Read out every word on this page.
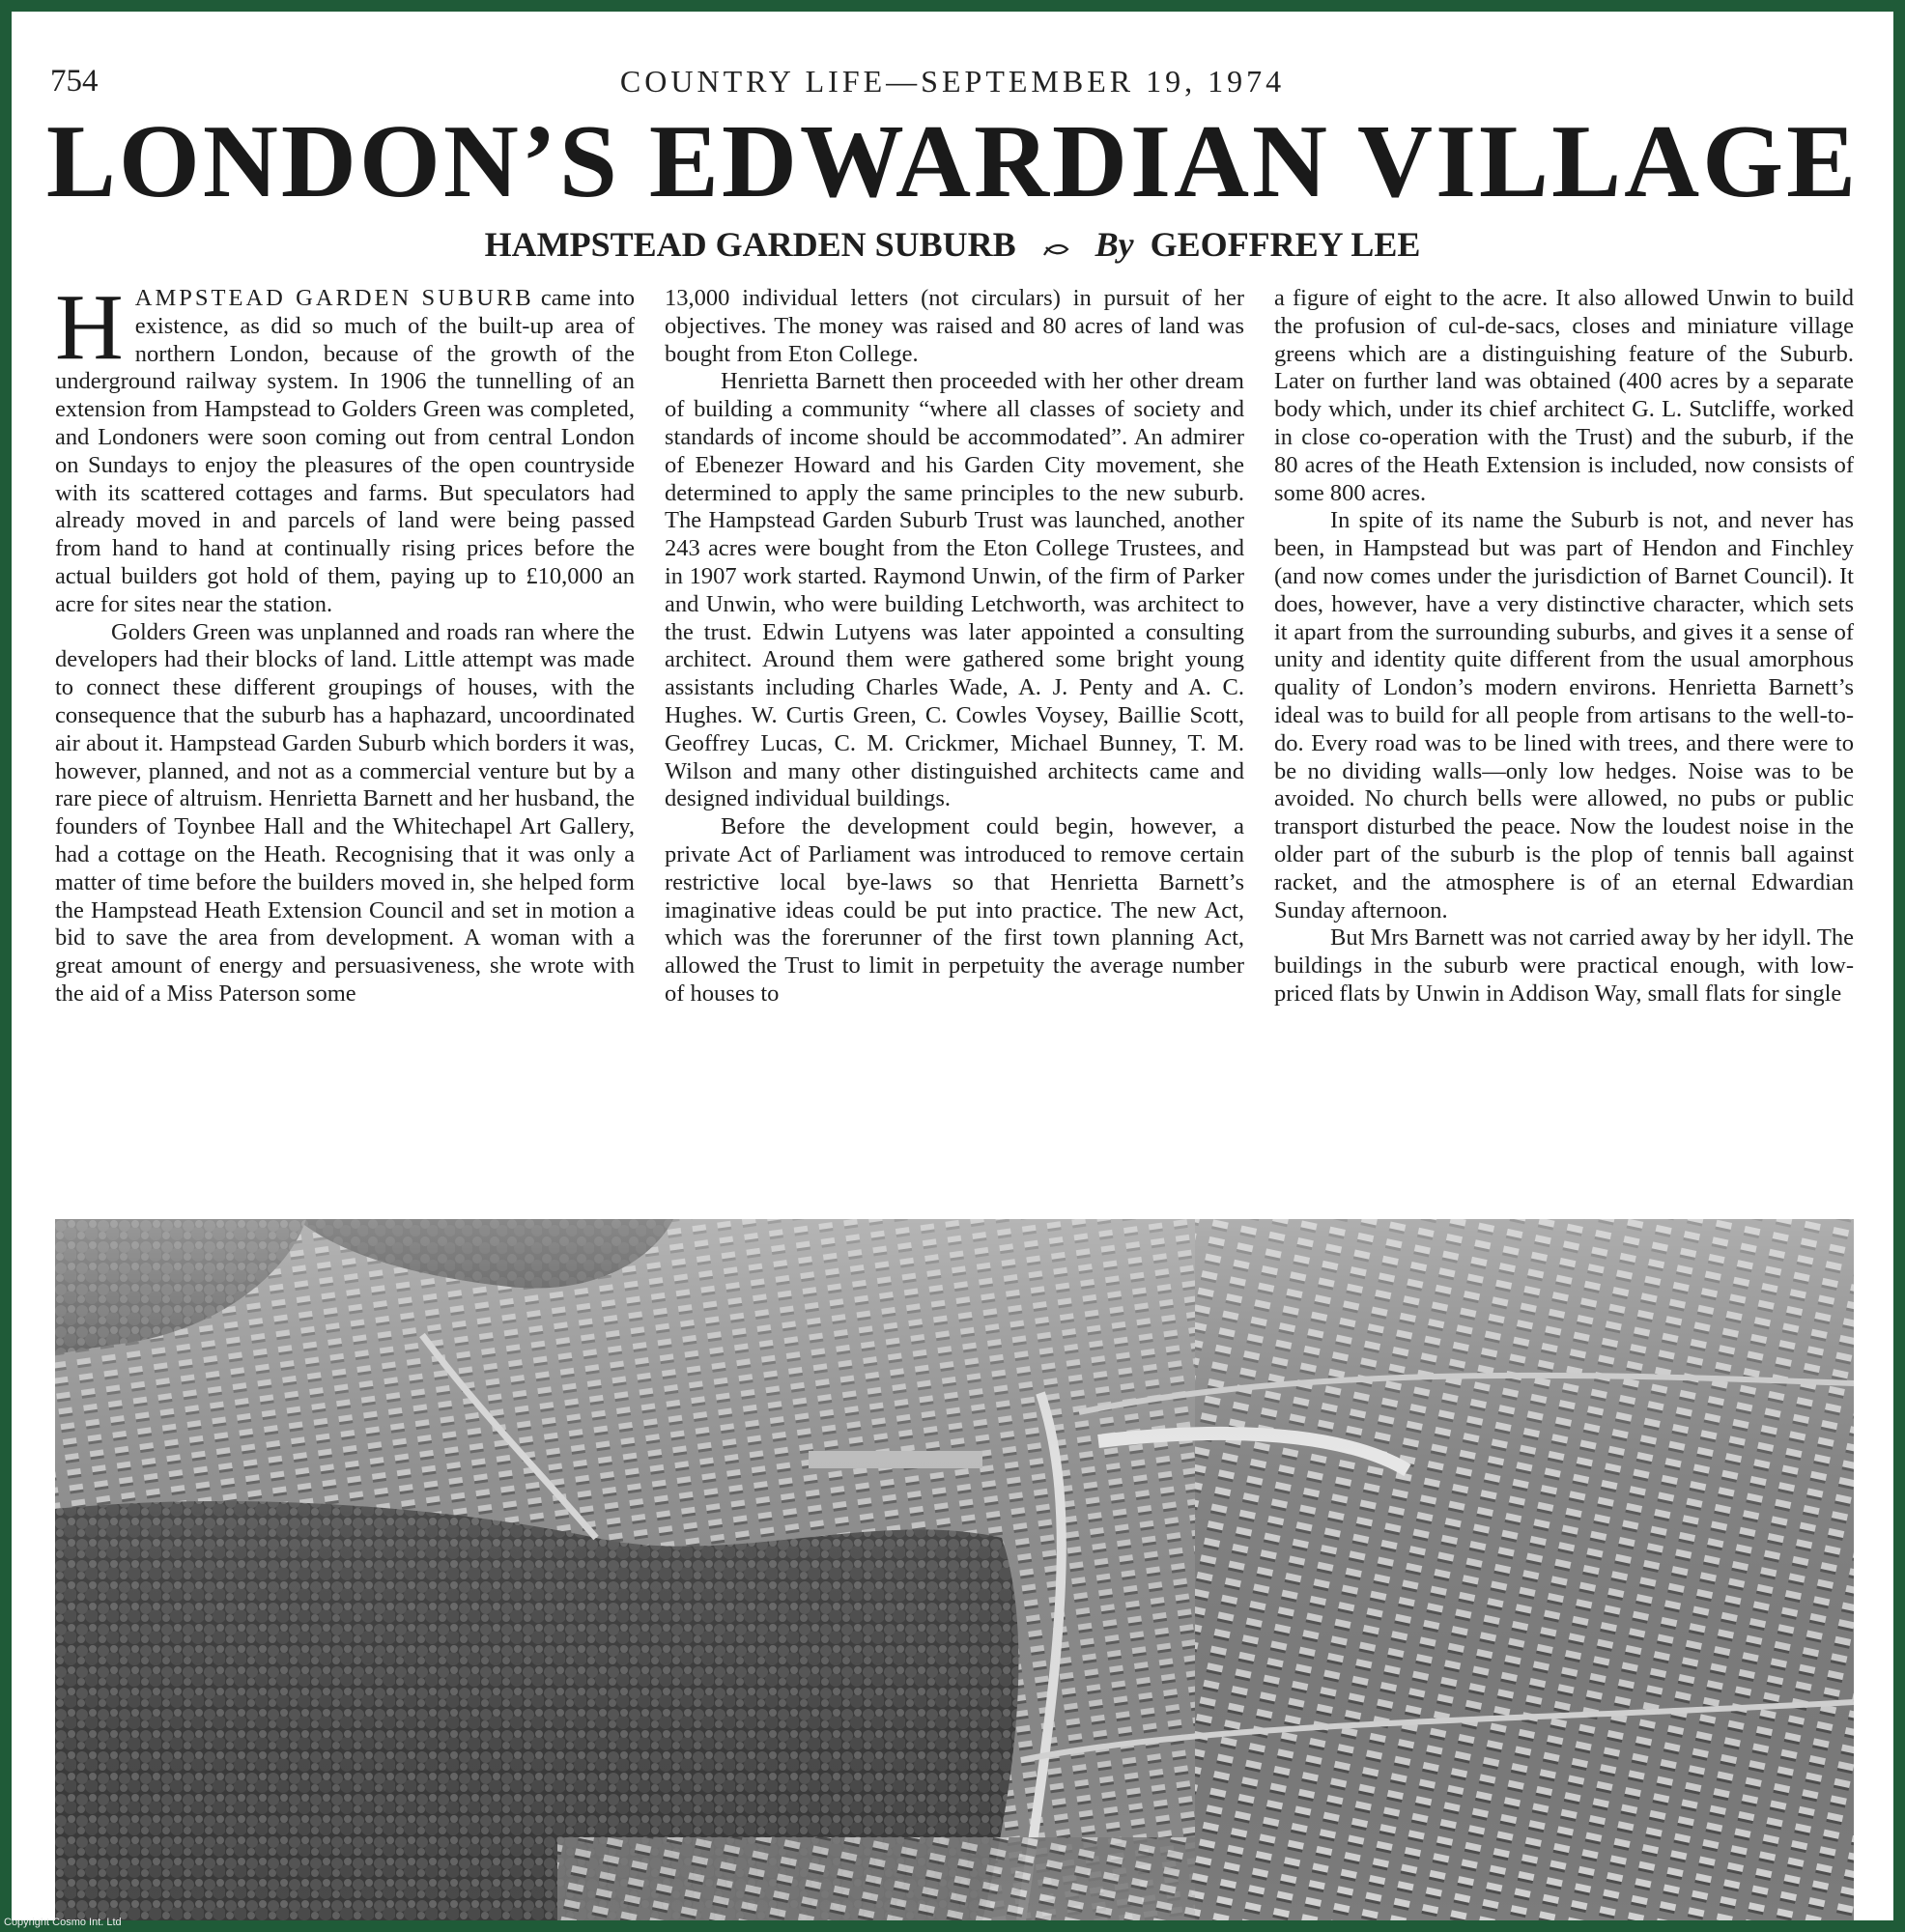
754	COUNTRY LIFE—SEPTEMBER 19, 1974
LONDON’S EDWARDIAN VILLAGE
HAMPSTEAD GARDEN SUBURB By GEOFFREY LEE

HAMPSTEAD GARDEN SUBURB came into existence, as did so much of the built-up area of northern London, because of the growth of the underground railway system. In 1906 the tunnelling of an extension from Hampstead to Golders Green was completed, and Londoners were soon coming out from central London on Sundays to enjoy the pleasures of the open countryside with its scattered cottages and farms. But speculators had already moved in and parcels of land were being passed from hand to hand at continually rising prices before the actual builders got hold of them, paying up to £10,000 an acre for sites near the station.

Golders Green was unplanned and roads ran where the developers had their blocks of land. Little attempt was made to connect these different groupings of houses, with the consequence that the suburb has a haphazard, uncoordinated air about it. Hampstead Garden Suburb which borders it was, however, planned, and not as a commercial venture but by a rare piece of altruism. Henrietta Barnett and her husband, the founders of Toynbee Hall and the Whitechapel Art Gallery, had a cottage on the Heath. Recognising that it was only a matter of time before the builders moved in, she helped form the Hampstead Heath Extension Council and set in motion a bid to save the area from development. A woman with a great amount of energy and persuasiveness, she wrote with the aid of a Miss Paterson some

13,000 individual letters (not circulars) in pursuit of her objectives. The money was raised and 80 acres of land was bought from Eton College.

Henrietta Barnett then proceeded with her other dream of building a community “where all classes of society and standards of income should be accommodated”. An admirer of Ebenezer Howard and his Garden City movement, she determined to apply the same principles to the new suburb. The Hampstead Garden Suburb Trust was launched, another 243 acres were bought from the Eton College Trustees, and in 1907 work started. Raymond Unwin, of the firm of Parker and Unwin, who were building Letchworth, was architect to the trust. Edwin Lutyens was later appointed a consulting architect. Around them were gathered some bright young assistants including Charles Wade, A. J. Penty and A. C. Hughes. W. Curtis Green, C. Cowles Voysey, Baillie Scott, Geoffrey Lucas, C. M. Crickmer, Michael Bunney, T. M. Wilson and many other distinguished architects came and designed individual buildings.

Before the development could begin, however, a private Act of Parliament was introduced to remove certain restrictive local bye-laws so that Henrietta Barnett’s imaginative ideas could be put into practice. The new Act, which was the forerunner of the first town planning Act, allowed the Trust to limit in perpetuity the average number of houses to

a figure of eight to the acre. It also allowed Unwin to build the profusion of cul-de-sacs, closes and miniature village greens which are a distinguishing feature of the Suburb. Later on further land was obtained (400 acres by a separate body which, under its chief architect G. L. Sutcliffe, worked in close co-operation with the Trust) and the suburb, if the 80 acres of the Heath Extension is included, now consists of some 800 acres.

In spite of its name the Suburb is not, and never has been, in Hampstead but was part of Hendon and Finchley (and now comes under the jurisdiction of Barnet Council). It does, however, have a very distinctive character, which sets it apart from the surrounding suburbs, and gives it a sense of unity and identity quite different from the usual amorphous quality of London’s modern environs. Henrietta Barnett’s ideal was to build for all people from artisans to the well-to-do. Every road was to be lined with trees, and there were to be no dividing walls—only low hedges. Noise was to be avoided. No church bells were allowed, no pubs or public transport disturbed the peace. Now the loudest noise in the older part of the suburb is the plop of tennis ball against racket, and the atmosphere is of an eternal Edwardian Sunday afternoon.

But Mrs Barnett was not carried away by her idyll. The buildings in the suburb were practical enough, with low-priced flats by Unwin in Addison Way, small flats for single

Copyright Cosmo Int. Ltd
